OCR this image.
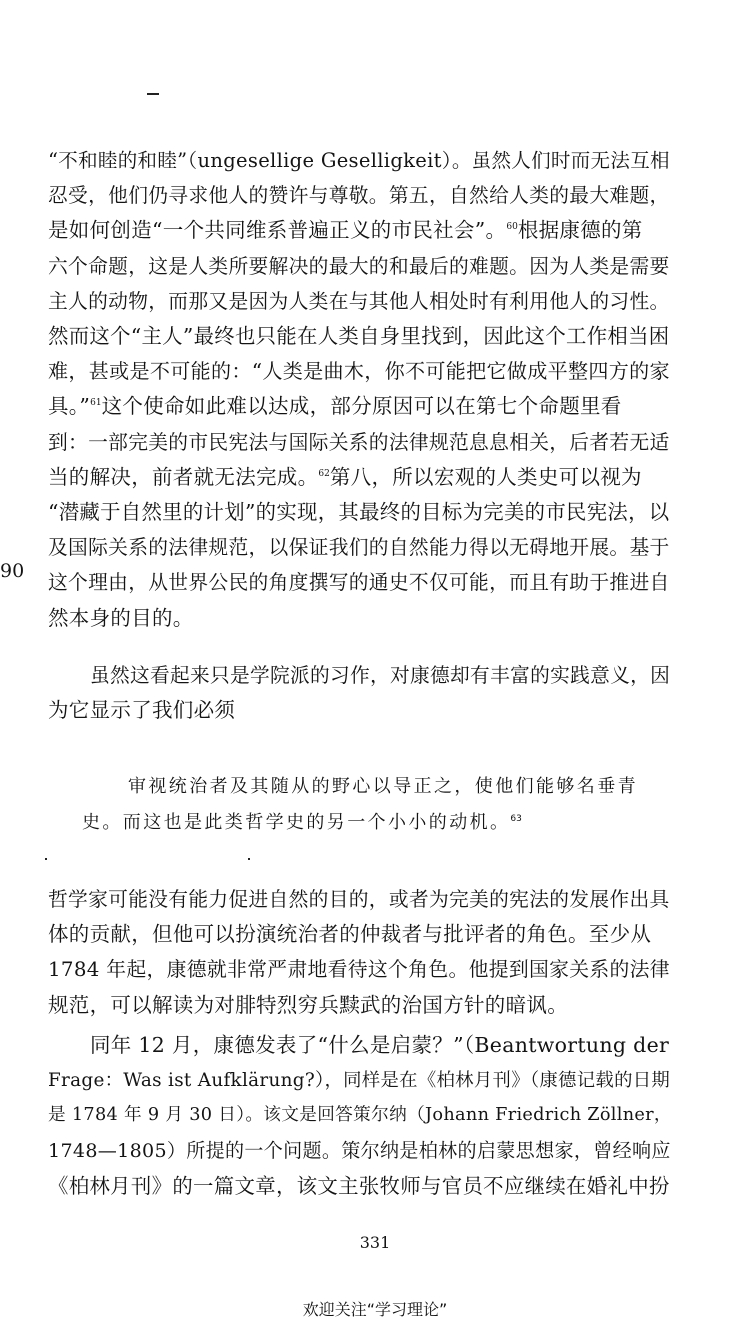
“不和睦的和睦”（ungesellige Geselligkeit）。虽然人们时而无法互相
忍受，他们仍寻求他人的赞许与尊敬。第五，自然给人类的最大难题，
是如何创造“一个共同维系普遍正义的市民社会”。$^{60}$根据康德的第
六个命题，这是人类所要解决的最大的和最后的难题。因为人类是需要
主人的动物，而那又是因为人类在与其他人相处时有利用他人的习性。
然而这个“主人”最终也只能在人类自身里找到，因此这个工作相当困
难，甚或是不可能的：“人类是曲木，你不可能把它做成平整四方的家
具。”$^{61}$这个使命如此难以达成，部分原因可以在第七个命题里看
到：一部完美的市民宪法与国际关系的法律规范息息相关，后者若无适
当的解决，前者就无法完成。$^{62}$第八，所以宏观的人类史可以视为
“潜藏于自然里的计划”的实现，其最终的目标为完美的市民宪法，以
及国际关系的法律规范，以保证我们的自然能力得以无碍地开展。基于
这个理由，从世界公民的角度撰写的通史不仅可能，而且有助于推进自
然本身的目的。
90
虽然这看起来只是学院派的习作，对康德却有丰富的实践意义，因
为它显示了我们必须
审视统治者及其随从的野心以导正之，使他们能够名垂青
史。而这也是此类哲学史的另一个小小的动机。$^{63}$
哲学家可能没有能力促进自然的目的，或者为完美的宪法的发展作出具
体的贡献，但他可以扮演统治者的仲裁者与批评者的角色。至少从
1784 年起，康德就非常严肃地看待这个角色。他提到国家关系的法律
规范，可以解读为对腓特烈穷兵黩武的治国方针的暗讽。
同年 12 月，康德发表了“什么是启蒙？”（Beantwortung der
Frage：Was ist Aufklärung?），同样是在《柏林月刊》（康德记载的日期
是 1784 年 9 月 30 日）。该文是回答策尔纳（Johann Friedrich Zöllner，
1748—1805）所提的一个问题。策尔纳是柏林的启蒙思想家，曾经响应
《柏林月刊》的一篇文章，该文主张牧师与官员不应继续在婚礼中扮
331
欢迎关注“学习理论”
